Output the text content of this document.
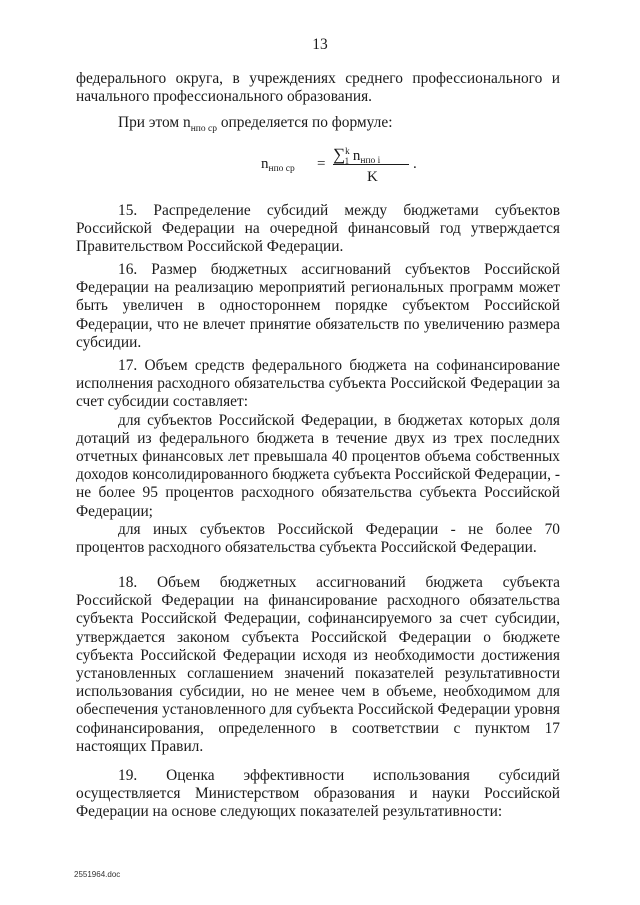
13

федерального округа, в учреждениях среднего профессионального и начального профессионального образования.

При этом $n_{нпо ср}$ определяется по формуле:
$n_{нпо ср} = \sum^k_1$ $n_{нпо i}$
K
.

15. Распределение субсидий между бюджетами субъектов Российской Федерации на очередной финансовый год утверждается Правительством Российской Федерации.

16. Размер бюджетных ассигнований субъектов Российской Федерации на реализацию мероприятий региональных программ может быть увеличен в одностороннем порядке субъектом Российской Федерации, что не влечет принятие обязательств по увеличению размера субсидии.

17. Объем средств федерального бюджета на софинансирование исполнения расходного обязательства субъекта Российской Федерации за счет субсидии составляет:

для субъектов Российской Федерации, в бюджетах которых доля дотаций из федерального бюджета в течение двух из трех последних отчетных финансовых лет превышала 40 процентов объема собственных доходов консолидированного бюджета субъекта Российской Федерации, - не более 95 процентов расходного обязательства субъекта Российской Федерации;

для иных субъектов Российской Федерации - не более 70 процентов расходного обязательства субъекта Российской Федерации.

18. Объем бюджетных ассигнований бюджета субъекта Российской Федерации на финансирование расходного обязательства субъекта Российской Федерации, софинансируемого за счет субсидии, утверждается законом субъекта Российской Федерации о бюджете субъекта Российской Федерации исходя из необходимости достижения установленных соглашением значений показателей результативности использования субсидии, но не менее чем в объеме, необходимом для обеспечения установленного для субъекта Российской Федерации уровня софинансирования, определенного в соответствии с пунктом 17 настоящих Правил.

19. Оценка эффективности использования субсидий осуществляется Министерством образования и науки Российской Федерации на основе следующих показателей результативности:

2551964.doc
